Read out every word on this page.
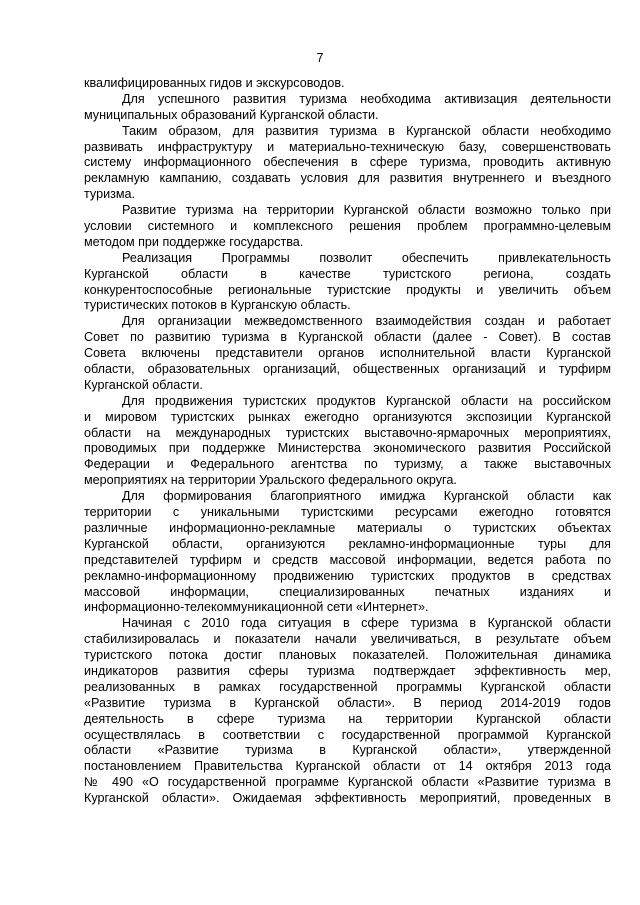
7
квалифицированных гидов и экскурсоводов.
Для успешного развития туризма необходима активизация деятельности
муниципальных образований Курганской области.
Таким образом, для развития туризма в Курганской области необходимо
развивать инфраструктуру и материально-техническую базу, совершенствовать
систему информационного обеспечения в сфере туризма, проводить активную
рекламную кампанию, создавать условия для развития внутреннего и въездного
туризма.
Развитие туризма на территории Курганской области возможно только при
условии системного и комплексного решения проблем программно-целевым
методом при поддержке государства.
Реализация Программы позволит обеспечить привлекательность
Курганской области в качестве туристского региона, создать
конкурентоспособные региональные туристские продукты и увеличить объем
туристических потоков в Курганскую область.
Для организации межведомственного взаимодействия создан и работает
Совет по развитию туризма в Курганской области (далее - Совет). В состав
Совета включены представители органов исполнительной власти Курганской
области, образовательных организаций, общественных организаций и турфирм
Курганской области.
Для продвижения туристских продуктов Курганской области на российском
и мировом туристских рынках ежегодно организуются экспозиции Курганской
области на международных туристских выставочно-ярмарочных мероприятиях,
проводимых при поддержке Министерства экономического развития Российской
Федерации и Федерального агентства по туризму, а также выставочных
мероприятиях на территории Уральского федерального округа.
Для формирования благоприятного имиджа Курганской области как
территории с уникальными туристскими ресурсами ежегодно готовятся
различные информационно-рекламные материалы о туристских объектах
Курганской области, организуются рекламно-информационные туры для
представителей турфирм и средств массовой информации, ведется работа по
рекламно-информационному продвижению туристских продуктов в средствах
массовой информации, специализированных печатных изданиях и
информационно-телекоммуникационной сети «Интернет».
Начиная с 2010 года ситуация в сфере туризма в Курганской области
стабилизировалась и показатели начали увеличиваться, в результате объем
туристского потока достиг плановых показателей. Положительная динамика
индикаторов развития сферы туризма подтверждает эффективность мер,
реализованных в рамках государственной программы Курганской области
«Развитие туризма в Курганской области». В период 2014-2019 годов
деятельность в сфере туризма на территории Курганской области
осуществлялась в соответствии с государственной программой Курганской
области «Развитие туризма в Курганской области», утвержденной
постановлением Правительства Курганской области от 14 октября 2013 года
№ 490 «О государственной программе Курганской области «Развитие туризма в
Курганской области». Ожидаемая эффективность мероприятий, проведенных в
